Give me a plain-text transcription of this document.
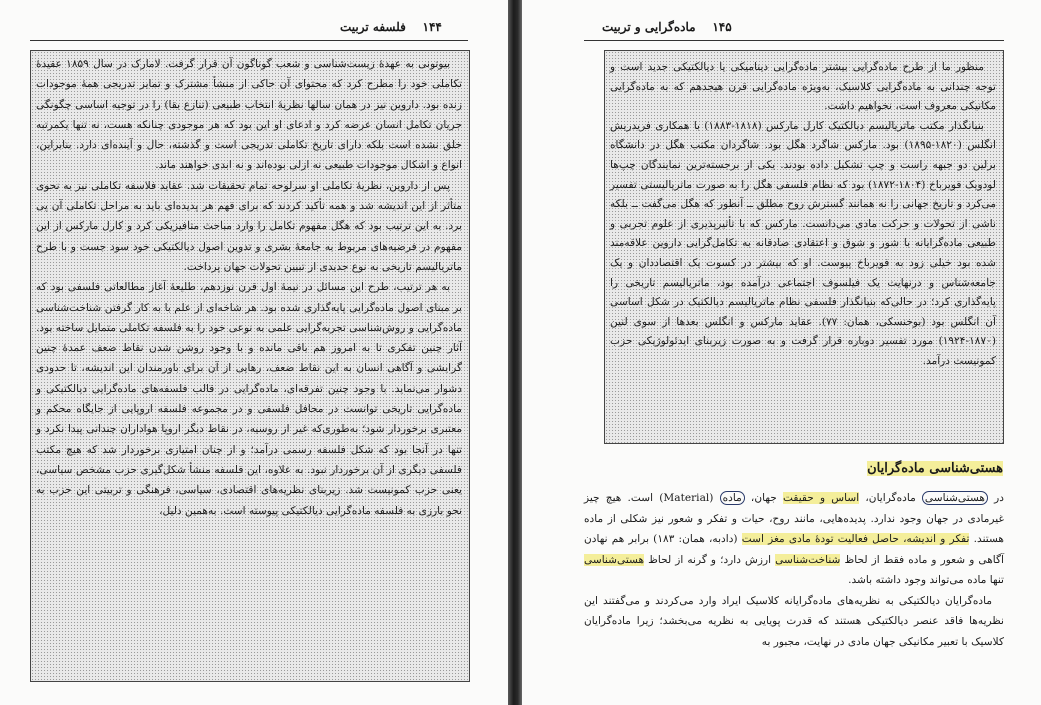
۱۴۴    فلسفه تربیت

بیوتونی به عهدهٔ زیست‌شناسی و شعب گوناگون آن قرار گرفت. لامارک در سال ۱۸۵۹ عقیدهٔ تکاملی خود را مطرح کرد که محتوای آن حاکی از منشأ مشترک و تمایز تدریجی همهٔ موجودات زنده بود. داروین نیز در همان سالها نظریهٔ انتخاب طبیعی (تنازع بقا) را در توجیه اساسی چگونگی جریان تکامل انسان عرضه کرد و ادعای او این بود که هر موجودی چنانکه هست، نه تنها یکمرتبه خلق نشده است بلکه دارای تاریخ تکاملی تدریجی است و گذشته، حال و آینده‌ای دارد. بنابراین، انواع و اشکال موجودات طبیعی نه ازلی بوده‌اند و نه ابدی خواهند ماند.

پس از داروین، نظریهٔ تکاملی او سرلوحه تمام تحقیقات شد. عقاید فلاسفه تکاملی نیز به نحوی متأثر از این اندیشه شد و همه تأکید کردند که برای فهم هر پدیده‌ای باید به مراحل تکاملی آن پی برد. به این ترتیب بود که هگل مفهوم تکامل را وارد مباحث متافیزیکی کرد و کارل مارکس از این مفهوم در فرضیه‌های مربوط به جامعهٔ بشری و تدوین اصول دیالکتیکی خود سود جست و با طرح ماتریالیسم تاریخی به نوع جدیدی از تبیین تحولات جهان پرداخت.

به هر ترتیب، طرح این مسائل در نیمهٔ اول قرن نوزدهم، طلیعهٔ آغاز مطالعاتی فلسفی بود که بر مبنای اصول ماده‌گرایی پایه‌گذاری شده بود. هر شاخه‌ای از علم با به کار گرفتن شناخت‌شناسی ماده‌گرایی و روش‌شناسی تجربه‌گرایی علمی به نوعی خود را به فلسفه تکاملی متمایل ساخته بود. آثار چنین تفکری تا به امروز هم باقی مانده و با وجود روشن شدن نقاط ضعف عمدهٔ چنین گرایشی و آگاهی انسان به این نقاط ضعف، رهایی از آن برای باورمندان این اندیشه، تا حدودی دشوار می‌نماید. با وجود چنین تفرقه‌ای، ماده‌گرایی در قالب فلسفه‌های ماده‌گرایی دیالکتیکی و ماده‌گرایی تاریخی توانست در محافل فلسفی و در مجموعه فلسفه اروپایی از جایگاه محکم و معتبری برخوردار شود؛ به‌طوری‌که غیر از روسیه، در نقاط دیگر اروپا هواداران چندانی پیدا نکرد و تنها در آنجا بود که شکل فلسفه رسمی درآمد؛ و از چنان امتیازی برخوردار شد که هیچ مکتب فلسفی دیگری از آن برخوردار نبود. به علاوه، این فلسفه منشأ شکل‌گیری حزب مشخص سیاسی، یعنی حزب کمونیست شد. زیربنای نظریه‌های اقتصادی، سیاسی، فرهنگی و تربیتی این حزب به نحو بارزی به فلسفه ماده‌گرایی دیالکتیکی پیوسته است. به‌همین دلیل،

۱۴۵    ماده‌گرایی و تربیت

منظور ما از طرح ماده‌گرایی بیشتر ماده‌گرایی دینامیکی یا دیالکتیکی جدید است و توجه چندانی به ماده‌گرایی کلاسیک، به‌ویژه ماده‌گرایی قرن هیجدهم که به ماده‌گرایی مکانیکی معروف است، نخواهیم داشت.

بنیانگذار مکتب ماتریالیسم دیالکتیک کارل مارکس (۱۸۱۸-۱۸۸۳) با همکاری فریدریش انگلس (۱۸۲۰-۱۸۹۵) بود. مارکس شاگرد هگل بود. شاگردان مکتب هگل در دانشگاه برلین دو جبهه راست و چپ تشکیل داده بودند. یکی از برجسته‌ترین نمایندگان چپ‌ها لودویک فویرباخ (۱۸۰۴-۱۸۷۲) بود که نظام فلسفی هگل را به صورت ماتریالیستی تفسیر می‌کرد و تاریخ جهانی را نه همانند گسترش روح مطلق ــ آنطور که هگل می‌گفت ــ بلکه ناشی از تحولات و حرکت مادی می‌دانست. مارکس که با تأثیرپذیری از علوم تجربی و طبیعی ماده‌گرایانه با شور و شوق و اعتقادی صادقانه به تکامل‌گرایی داروین علاقه‌مند شده بود خیلی زود به فویرباخ پیوست. او که بیشتر در کسوت یک اقتصاددان و یک جامعه‌شناس و درنهایت یک فیلسوف اجتماعی درآمده بود، ماتریالیسم تاریخی را پایه‌گذاری کرد؛ در حالی‌که بنیانگذار فلسفی نظام ماتریالیسم دیالکتیک در شکل اساسی آن انگلس بود (بوخنسکی، همان: ۷۷). عقاید مارکس و انگلس بعدها از سوی لنین (۱۸۷۰-۱۹۲۴) مورد تفسیر دوباره قرار گرفت و به صورت زیربنای ایدئولوژیکی حزب کمونیست درآمد.

هستی‌شناسی ماده‌گرایان

در هستی‌شناسی ماده‌گرایان، اساس و حقیقت جهان، ماده (Material) است. هیچ چیز غیرمادی در جهان وجود ندارد. پدیده‌هایی، مانند روح، حیات و تفکر و شعور نیز شکلی از ماده هستند. تفکر و اندیشه، حاصل فعالیت تودهٔ مادی مغز است (دادبه، همان: ۱۸۳) برابر هم نهادن آگاهی و شعور و ماده فقط از لحاظ شناخت‌شناسی ارزش دارد؛ و گرنه از لحاظ هستی‌شناسی تنها ماده می‌تواند وجود داشته باشد.

ماده‌گرایان دیالکتیکی به نظریه‌های ماده‌گرایانه کلاسیک ایراد وارد می‌کردند و می‌گفتند این نظریه‌ها فاقد عنصر دیالکتیکی هستند که قدرت پویایی به نظریه می‌بخشد؛ زیرا ماده‌گرایان کلاسیک با تعبیر مکانیکی جهان مادی در نهایت، مجبور به
